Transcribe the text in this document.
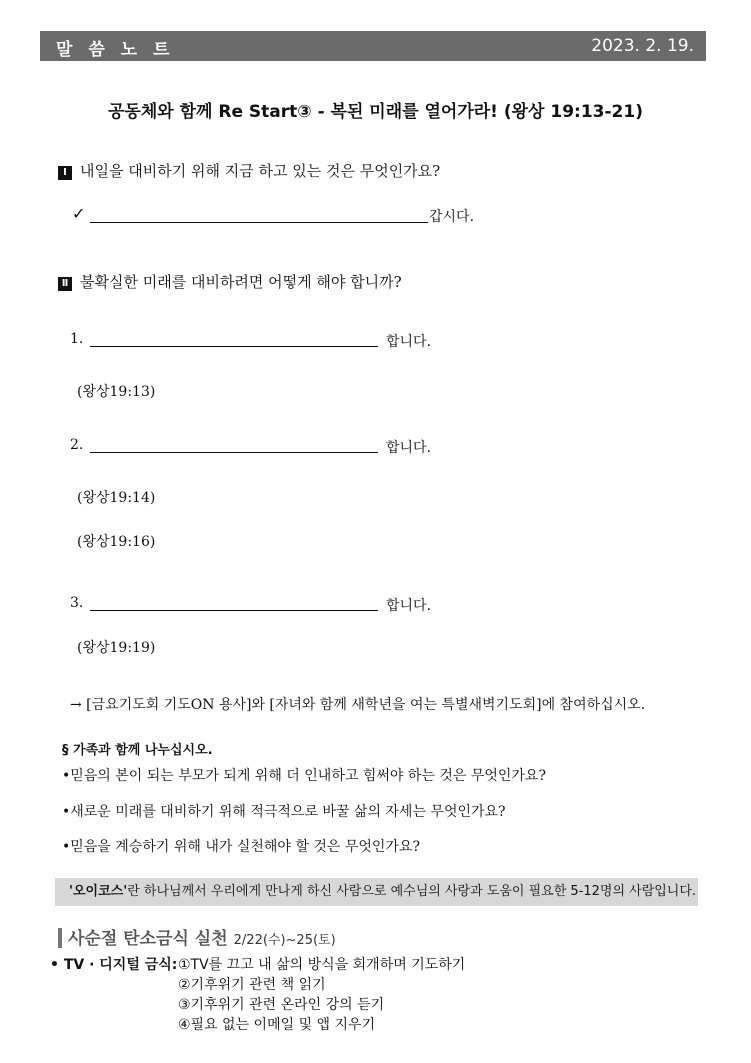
말 씀 노 트	2023. 2. 19.
공동체와 함께 Re Start③ - 복된 미래를 열어가라! (왕상 19:13-21)
Ⅰ 내일을 대비하기 위해 지금 하고 있는 것은 무엇인가요?
✓	갑시다.
Ⅱ 불확실한 미래를 대비하려면 어떻게 해야 합니까?
1.	합니다.
(왕상19:13)
2.	합니다.
(왕상19:14)
(왕상19:16)
3.	합니다.
(왕상19:19)
→ [금요기도회 기도ON 용사]와 [자녀와 함께 새학년을 여는 특별새벽기도회]에 참여하십시오.
§ 가족과 함께 나누십시오.
•믿음의 본이 되는 부모가 되게 위해 더 인내하고 힘써야 하는 것은 무엇인가요?
•새로운 미래를 대비하기 위해 적극적으로 바꿀 삶의 자세는 무엇인가요?
•믿음을 계승하기 위해 내가 실천해야 할 것은 무엇인가요?
'오이코스'란 하나님께서 우리에게 만나게 하신 사람으로 예수님의 사랑과 도움이 필요한 5-12명의 사람입니다.
사순절 탄소금식 실천 2/22(수)~25(토)
• TV · 디지털 금식: ①TV를 끄고 내 삶의 방식을 회개하며 기도하기
②기후위기 관련 책 읽기
③기후위기 관련 온라인 강의 듣기
④필요 없는 이메일 및 앱 지우기
